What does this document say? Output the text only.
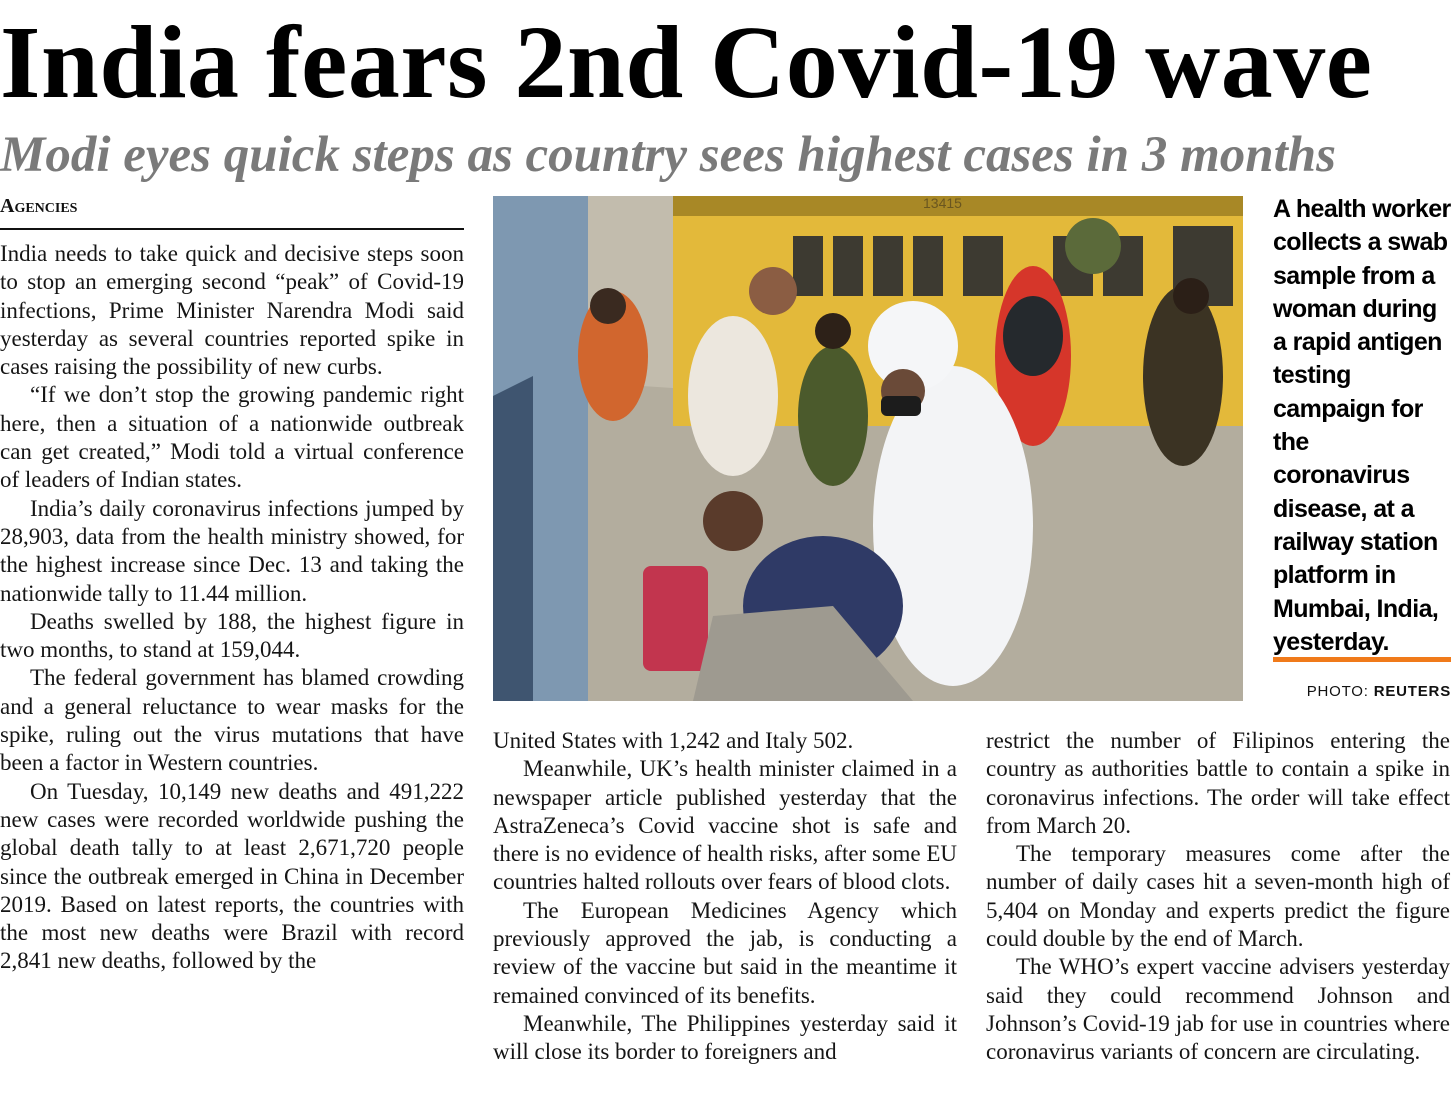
India fears 2nd Covid-19 wave
Modi eyes quick steps as country sees highest cases in 3 months
Agencies

India needs to take quick and decisive steps soon to stop an emerging second “peak” of Covid-19 infections, Prime Minister Narendra Modi said yesterday as several countries reported spike in cases raising the possibility of new curbs.

“If we don’t stop the growing pandemic right here, then a situation of a nationwide outbreak can get created,” Modi told a virtual conference of leaders of Indian states.

India’s daily coronavirus infections jumped by 28,903, data from the health ministry showed, for the highest increase since Dec. 13 and taking the nationwide tally to 11.44 million.

Deaths swelled by 188, the highest figure in two months, to stand at 159,044.

The federal government has blamed crowding and a general reluctance to wear masks for the spike, ruling out the virus mutations that have been a factor in Western countries.

On Tuesday, 10,149 new deaths and 491,222 new cases were recorded worldwide pushing the global death tally to at least 2,671,720 people since the outbreak emerged in China in December 2019. Based on latest reports, the countries with the most new deaths were Brazil with record 2,841 new deaths, followed by the

13415	A health worker collects a swab sample from a woman during a rapid antigen testing campaign for the coronavirus disease, at a railway station platform in Mumbai, India, yesterday.
PHOTO: REUTERS

United States with 1,242 and Italy 502.

Meanwhile, UK’s health minister claimed in a newspaper article published yesterday that the AstraZeneca’s Covid vaccine shot is safe and there is no evidence of health risks, after some EU countries halted rollouts over fears of blood clots.

The European Medicines Agency which previously approved the jab, is conducting a review of the vaccine but said in the meantime it remained convinced of its benefits.

Meanwhile, The Philippines yesterday said it will close its border to foreigners and

restrict the number of Filipinos entering the country as authorities battle to contain a spike in coronavirus infections. The order will take effect from March 20.

The temporary measures come after the number of daily cases hit a seven-month high of 5,404 on Monday and experts predict the figure could double by the end of March.

The WHO’s expert vaccine advisers yesterday said they could recommend Johnson and Johnson’s Covid-19 jab for use in countries where coronavirus variants of concern are circulating.
